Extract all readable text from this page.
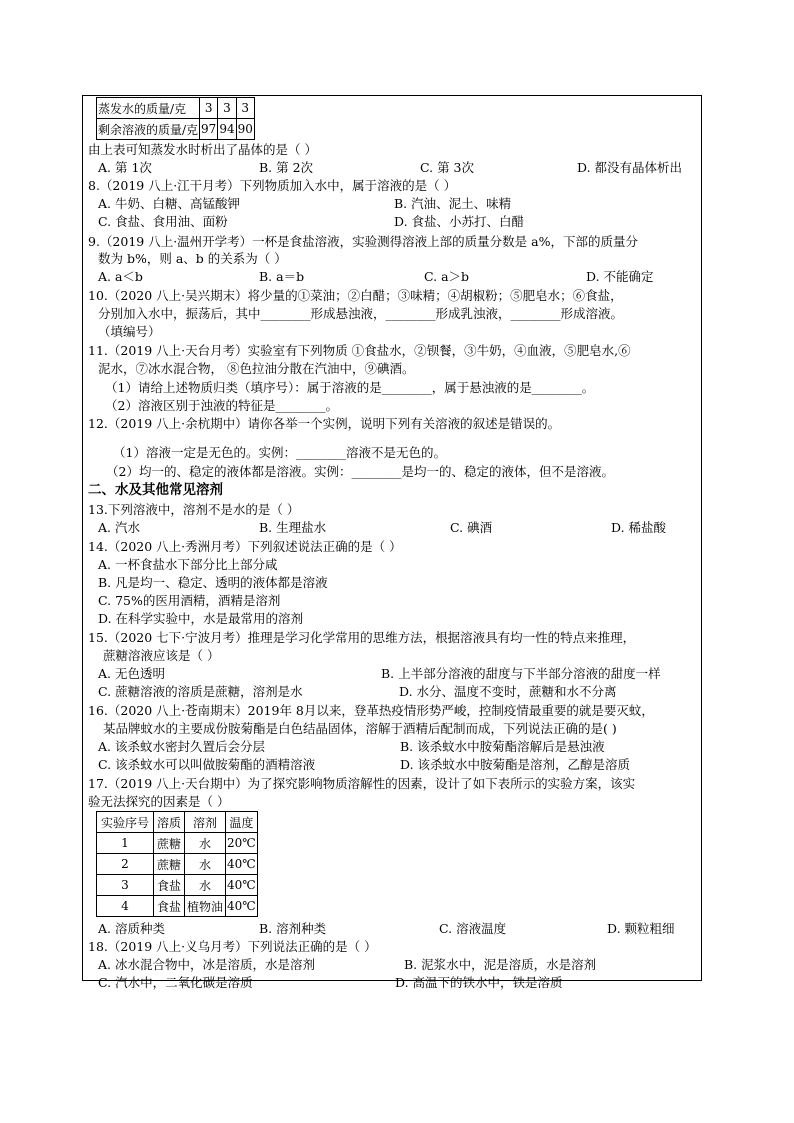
蒸发水的质量/克	3	3	3
剩余溶液的质量/克	97	94	90
由上表可知蒸发水时析出了晶体的是（ ）
A. 第 1次	B. 第 2次	C. 第 3次	D. 都没有晶体析出
8.（2019 八上·江干月考）下列物质加入水中，属于溶液的是（ ）
A. 牛奶、白糖、高锰酸钾	B. 汽油、泥土、味精
C. 食盐、食用油、面粉	D. 食盐、小苏打、白醋
9.（2019 八上·温州开学考）一杯是食盐溶液，实验测得溶液上部的质量分数是 a%，下部的质量分
数为 b%，则 a、b 的关系为（ ）
A. a＜b	B. a＝b	C. a＞b	D. 不能确定
10.（2020 八上·吴兴期末）将少量的①菜油；②白醋；③味精；④胡椒粉；⑤肥皂水；⑥食盐，
分别加入水中，振荡后，其中________形成悬浊液，________形成乳浊液，________形成溶液。
（填编号）
11.（2019 八上·天台月考）实验室有下列物质 ①食盐水，②钡餐，③牛奶，④血液，⑤肥皂水,⑥
泥水，⑦冰水混合物， ⑧色拉油分散在汽油中，⑨碘酒。
（1）请给上述物质归类（填序号）：属于溶液的是________，属于悬浊液的是________。
（2）溶液区别于浊液的特征是________。
12.（2019 八上·余杭期中）请你各举一个实例，说明下列有关溶液的叙述是错误的。
（1）溶液一定是无色的。实例：________溶液不是无色的。
（2）均一的、稳定的液体都是溶液。实例：________是均一的、稳定的液体，但不是溶液。
二、水及其他常见溶剂
13.下列溶液中，溶剂不是水的是（ ）
A. 汽水	B. 生理盐水	C. 碘酒	D. 稀盐酸
14.（2020 八上·秀洲月考）下列叙述说法正确的是（ ）
A. 一杯食盐水下部分比上部分咸
B. 凡是均一、稳定、透明的液体都是溶液
C. 75%的医用酒精，酒精是溶剂
D. 在科学实验中，水是最常用的溶剂
15.（2020 七下·宁波月考）推理是学习化学常用的思维方法，根据溶液具有均一性的特点来推理，
蔗糖溶液应该是（ ）
A. 无色透明	B. 上半部分溶液的甜度与下半部分溶液的甜度一样
C. 蔗糖溶液的溶质是蔗糖，溶剂是水	D. 水分、温度不变时，蔗糖和水不分离
16.（2020 八上·苍南期末）2019年 8月以来，登革热疫情形势严峻，控制疫情最重要的就是要灭蚊，
某品牌蚊水的主要成份胺菊酯是白色结晶固体，溶解于酒精后配制而成，下列说法正确的是( )
A. 该杀蚊水密封久置后会分层	B. 该杀蚊水中胺菊酯溶解后是悬浊液
C. 该杀蚊水可以叫做胺菊酯的酒精溶液	D. 该杀蚊水中胺菊酯是溶剂，乙醇是溶质
17.（2019 八上·天台期中）为了探究影响物质溶解性的因素，设计了如下表所示的实验方案，该实
验无法探究的因素是（ ）
实验序号	溶质	溶剂	温度
1	蔗糖	水	20℃
2	蔗糖	水	40℃
3	食盐	水	40℃
4	食盐	植物油	40℃
A. 溶质种类	B. 溶剂种类	C. 溶液温度	D. 颗粒粗细
18.（2019 八上·义乌月考）下列说法正确的是（ ）
A. 冰水混合物中，冰是溶质，水是溶剂	B. 泥浆水中，泥是溶质，水是溶剂
C. 汽水中，二氧化碳是溶质	D. 高温下的铁水中，铁是溶质
